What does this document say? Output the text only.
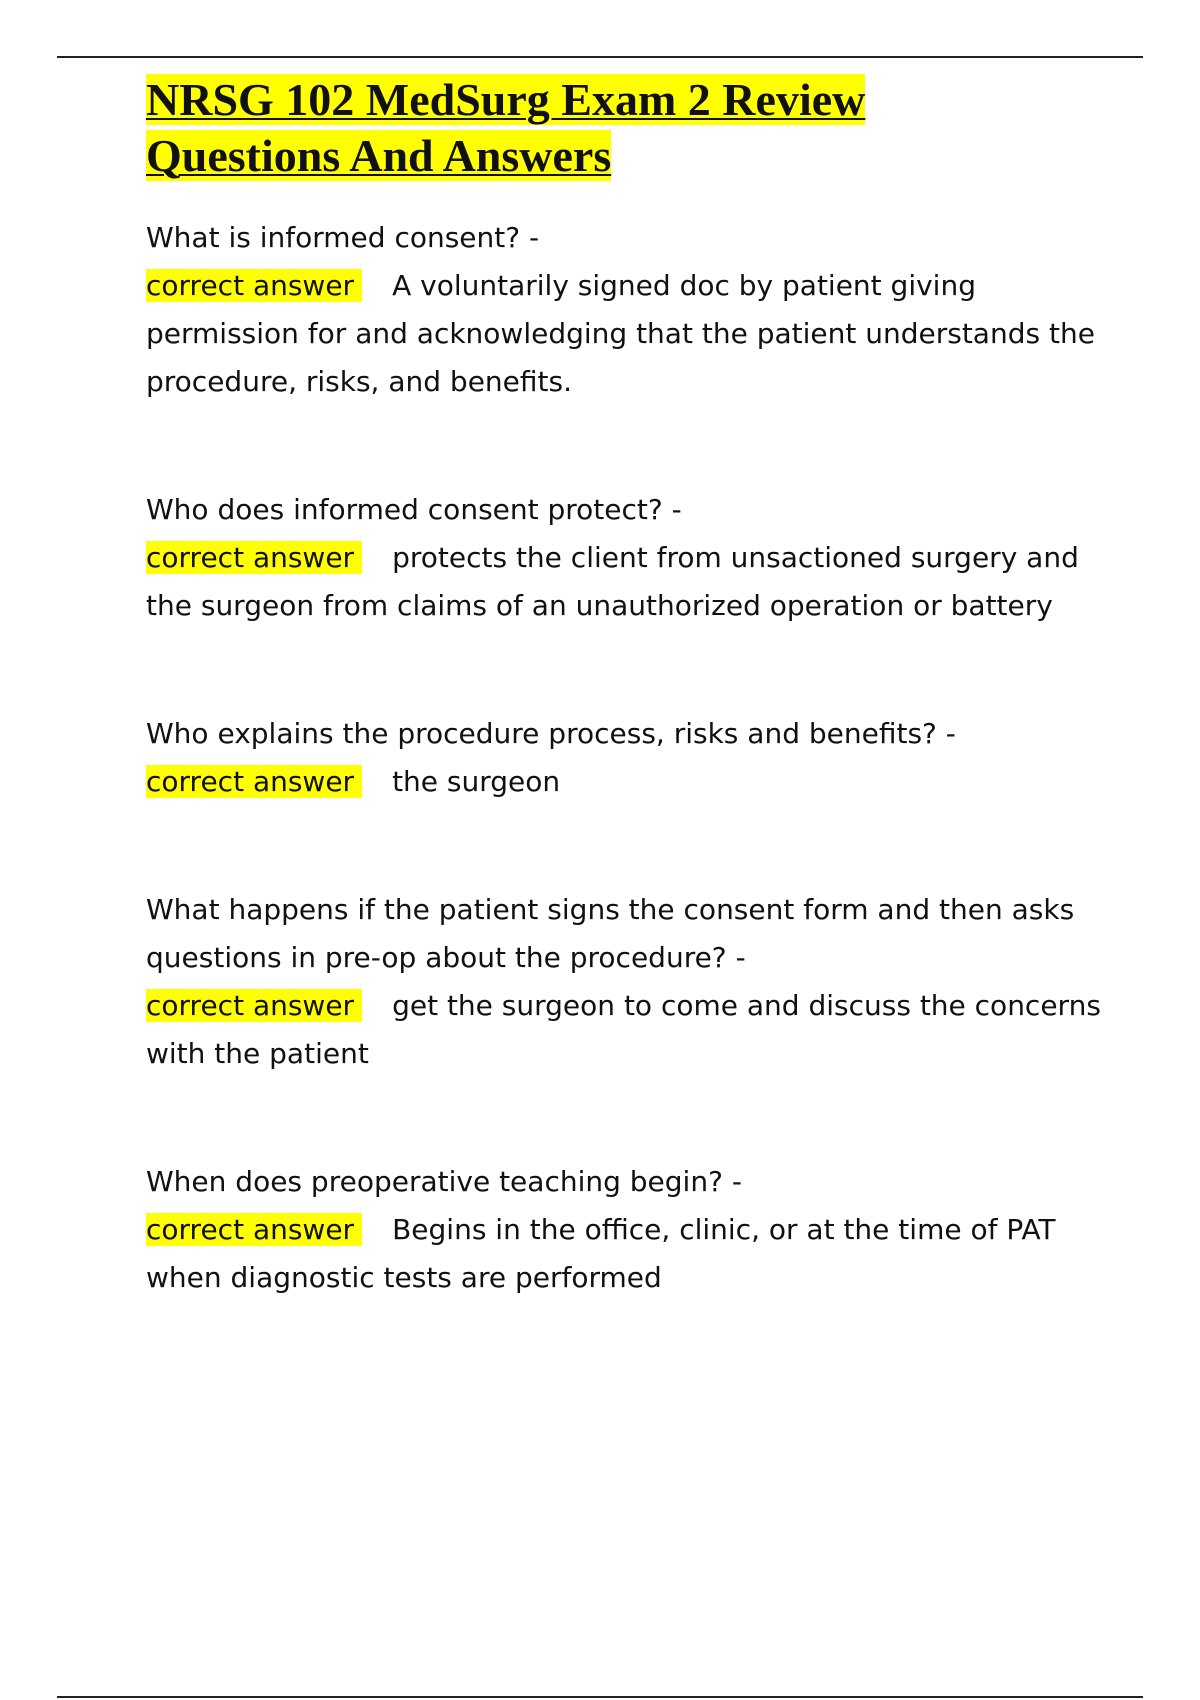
NRSG 102 MedSurg Exam 2 Review
Questions And Answers

What is informed consent? -

correct answer A voluntarily signed doc by patient giving permission for and acknowledging that the patient understands the procedure, risks, and benefits.

Who does informed consent protect? -

correct answer protects the client from unsactioned surgery and the surgeon from claims of an unauthorized operation or battery

Who explains the procedure process, risks and benefits? -

correct answer the surgeon

What happens if the patient signs the consent form and then asks questions in pre-op about the procedure? -

correct answer get the surgeon to come and discuss the concerns with the patient

When does preoperative teaching begin? -

correct answer Begins in the office, clinic, or at the time of PAT when diagnostic tests are performed
